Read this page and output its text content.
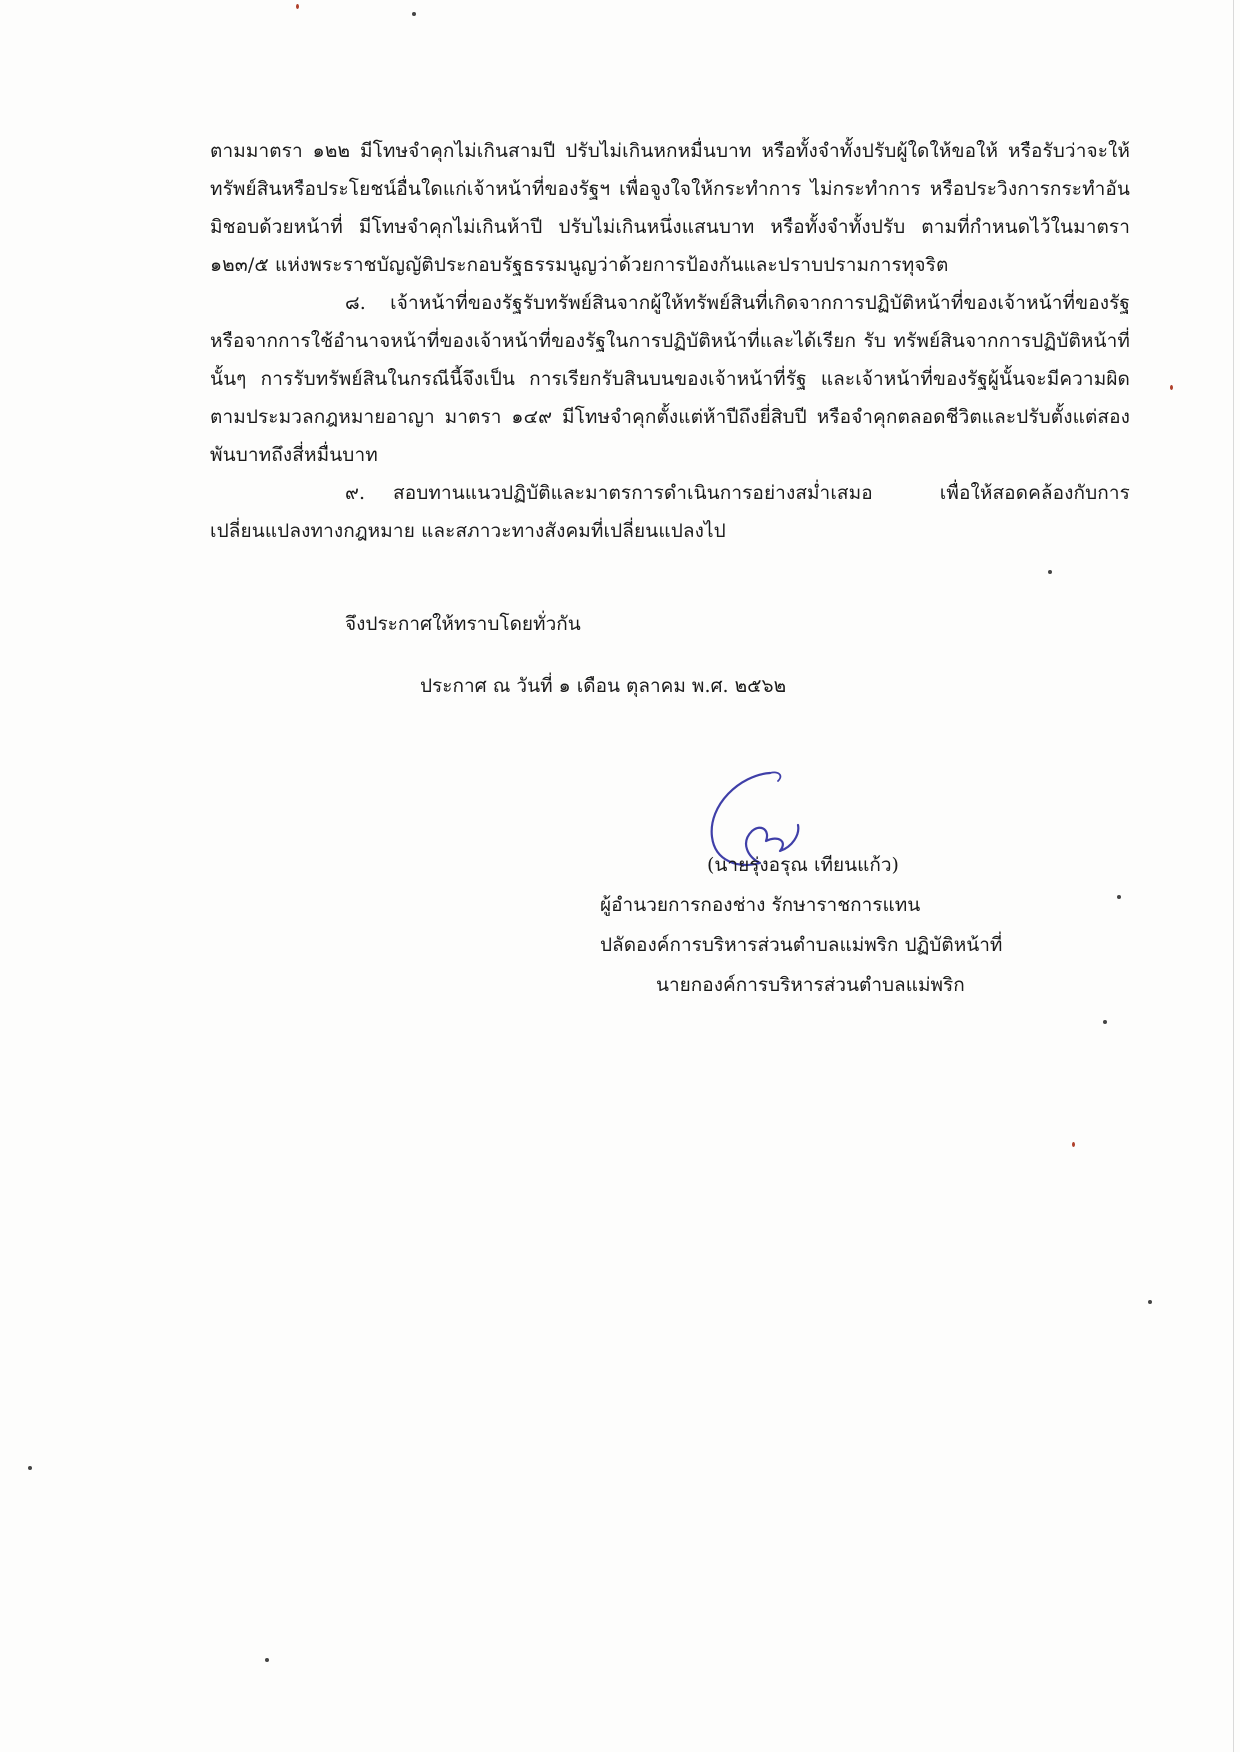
ตามมาตรา ๑๒๒ มีโทษจำคุกไม่เกินสามปี ปรับไม่เกินหกหมื่นบาท หรือทั้งจำทั้งปรับผู้ใดให้ขอให้ หรือรับว่าจะให้ทรัพย์สินหรือประโยชน์อื่นใดแก่เจ้าหน้าที่ของรัฐฯ เพื่อจูงใจให้กระทำการ ไม่กระทำการ หรือประวิงการกระทำอันมิชอบด้วยหน้าที่ มีโทษจำคุกไม่เกินห้าปี ปรับไม่เกินหนึ่งแสนบาท หรือทั้งจำทั้งปรับ ตามที่กำหนดไว้ในมาตรา ๑๒๓/๕ แห่งพระราชบัญญัติประกอบรัฐธรรมนูญว่าด้วยการป้องกันและปราบปรามการทุจริต

๘. เจ้าหน้าที่ของรัฐรับทรัพย์สินจากผู้ให้ทรัพย์สินที่เกิดจากการปฏิบัติหน้าที่ของเจ้าหน้าที่ของรัฐหรือจากการใช้อำนาจหน้าที่ของเจ้าหน้าที่ของรัฐในการปฏิบัติหน้าที่และได้เรียก รับ ทรัพย์สินจากการปฏิบัติหน้าที่นั้นๆ การรับทรัพย์สินในกรณีนี้จึงเป็น การเรียกรับสินบนของเจ้าหน้าที่รัฐ และเจ้าหน้าที่ของรัฐผู้นั้นจะมีความผิดตามประมวลกฎหมายอาญา มาตรา ๑๔๙ มีโทษจำคุกตั้งแต่ห้าปีถึงยี่สิบปี หรือจำคุกตลอดชีวิตและปรับตั้งแต่สองพันบาทถึงสี่หมื่นบาท

๙. สอบทานแนวปฏิบัติและมาตรการดำเนินการอย่างสม่ำเสมอ เพื่อให้สอดคล้องกับการเปลี่ยนแปลงทางกฎหมาย และสภาวะทางสังคมที่เปลี่ยนแปลงไป

จึงประกาศให้ทราบโดยทั่วกัน
ประกาศ ณ วันที่ ๑ เดือน ตุลาคม พ.ศ. ๒๕๖๒
(นายรุ่งอรุณ เทียนแก้ว)
ผู้อำนวยการกองช่าง รักษาราชการแทน
ปลัดองค์การบริหารส่วนตำบลแม่พริก ปฏิบัติหน้าที่
นายกองค์การบริหารส่วนตำบลแม่พริก
